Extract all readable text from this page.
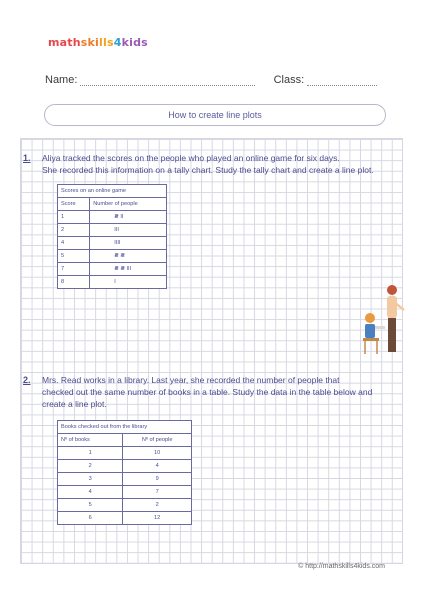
mathskills4kids
Name:	Class:
How to create line plots
1. Aliya tracked the scores on the people who played an online game for six days.
She recorded this information on a tally chart. Study the tally chart and create a line plot.
Scores on an online game	
Score	Number of people
1	𝍸 II
2	III
4	IIII
5	𝍸 𝍸
7	𝍸 𝍸 III
8	I
2. Mrs. Read works in a library. Last year, she recorded the number of people that
checked out the same number of books in a table. Study the data in the table below and
create a line plot.
Books checked out from the library	
Nº of books	Nº of people
1	10
2	4
3	9
4	7
5	2
6	12
© http://mathskills4kids.com
